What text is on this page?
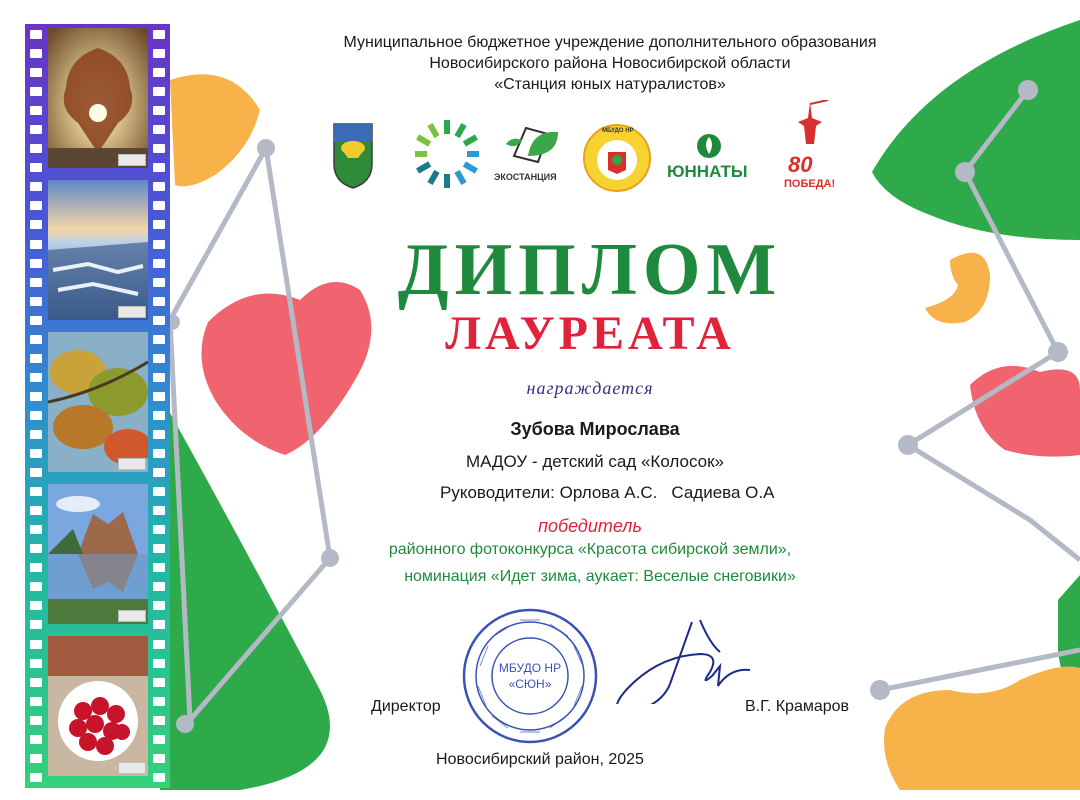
Муниципальное бюджетное учреждение дополнительного образования
Новосибирского района Новосибирской области
«Станция юных натуралистов»
ЭКОСТАНЦИЯ
МБУДО НР
ЮННАТЫ 80
ПОБЕДА!
ДИПЛОМ
ЛАУРЕАТА
награждается
Зубова Мирослава
МАДОУ - детский сад «Колосок»
Руководители: Орлова А.С. Садиева О.А
победитель
районного фотоконкурса «Красота сибирской земли»,
номинация «Идет зима, аукает: Веселые снеговики»
МБУДО НР
«СЮН»
Директор	В.Г. Крамаров
Новосибирский район, 2025
